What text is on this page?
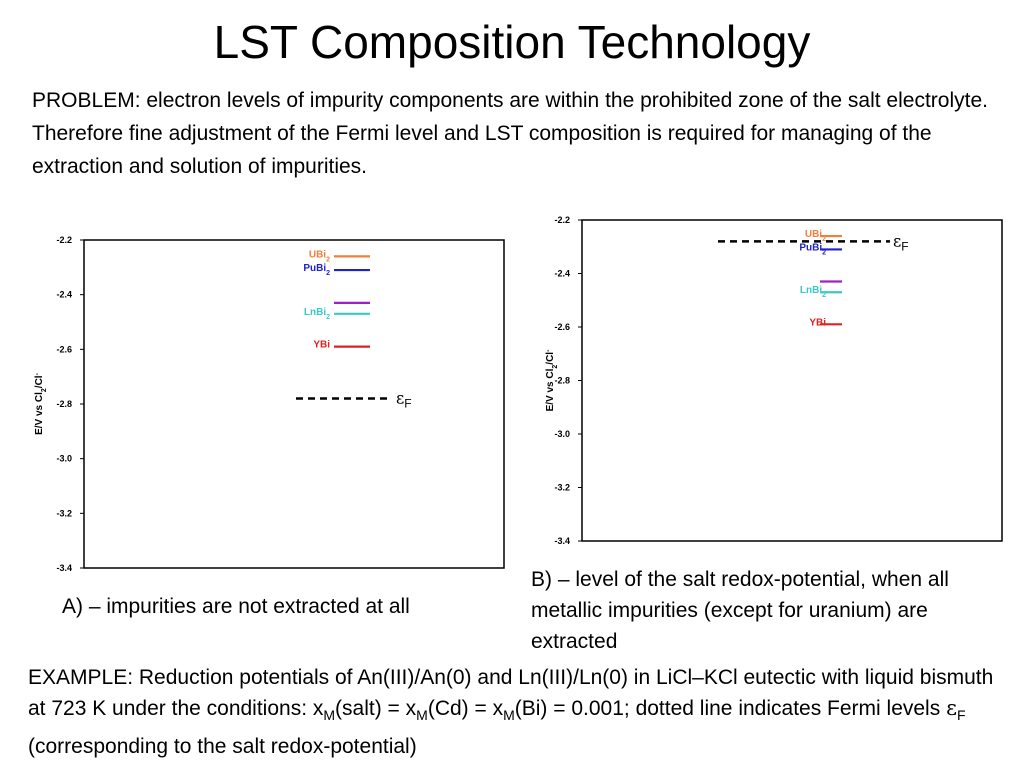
LST Composition Technology
PROBLEM: electron levels of impurity components are within the prohibited zone of the salt electrolyte. Therefore fine adjustment of the Fermi level and LST composition is required for managing of the extraction and solution of impurities.
-2.2
-2.4
-2.6
-2.8
-3.0
-3.2
-3.4
E/V vs $Cl_2/Cl^-$
UBi$_2$
PuBi$_2$
LnBi$_2$
YBi
$\varepsilon_F$
-2.2
-2.4
-2.6
-2.8
-3.0
-3.2
-3.4
E/V vs $Cl_2/Cl^-$
UBi$_2$
PuBi$_2$
LnBi$_2$
YBi
$\varepsilon_F$
A) – impurities are not extracted at all
B) – level of the salt redox-potential, when all metallic impurities (except for uranium) are extracted
EXAMPLE: Reduction potentials of An(III)/An(0) and Ln(III)/Ln(0) in LiCl–KCl eutectic with liquid bismuth at 723 K under the conditions: $x_M(salt) = x_M(Cd) = x_M(Bi) = 0.001$; dotted line indicates Fermi levels $\varepsilon_F$ (corresponding to the salt redox-potential)
